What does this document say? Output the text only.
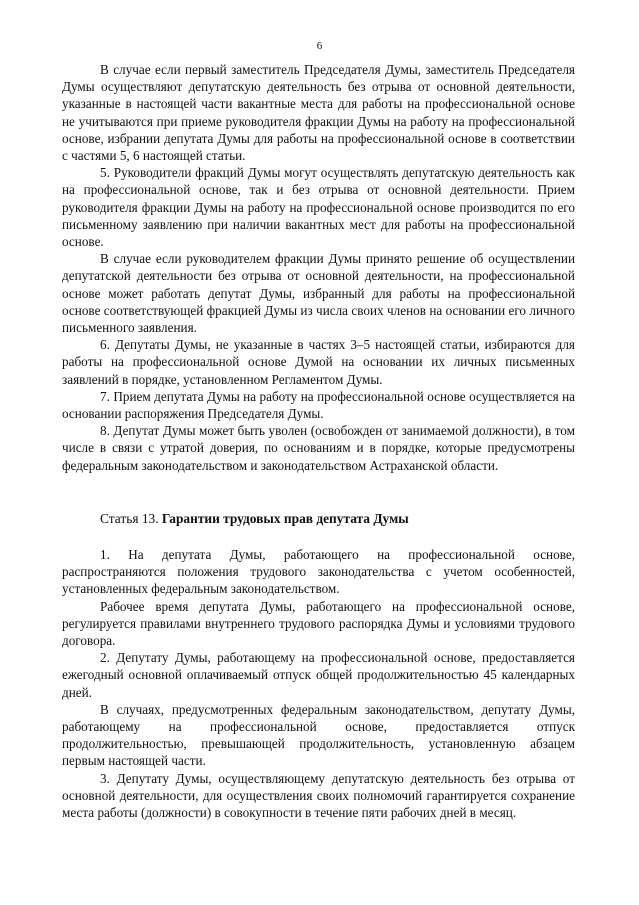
6

В случае если первый заместитель Председателя Думы, заместитель Председателя Думы осуществляют депутатскую деятельность без отрыва от основной деятельности, указанные в настоящей части вакантные места для работы на профессиональной основе не учитываются при приеме руководителя фракции Думы на работу на профессиональной основе, избрании депутата Думы для работы на профессиональной основе в соответствии с частями 5, 6 настоящей статьи.

5. Руководители фракций Думы могут осуществлять депутатскую деятельность как на профессиональной основе, так и без отрыва от основной деятельности. Прием руководителя фракции Думы на работу на профессиональной основе производится по его письменному заявлению при наличии вакантных мест для работы на профессиональной основе.

В случае если руководителем фракции Думы принято решение об осуществлении депутатской деятельности без отрыва от основной деятельности, на профессиональной основе может работать депутат Думы, избранный для работы на профессиональной основе соответствующей фракцией Думы из числа своих членов на основании его личного письменного заявления.

6. Депутаты Думы, не указанные в частях 3–5 настоящей статьи, избираются для работы на профессиональной основе Думой на основании их личных письменных заявлений в порядке, установленном Регламентом Думы.

7. Прием депутата Думы на работу на профессиональной основе осуществляется на основании распоряжения Председателя Думы.

8. Депутат Думы может быть уволен (освобожден от занимаемой должности), в том числе в связи с утратой доверия, по основаниям и в порядке, которые предусмотрены федеральным законодательством и законодательством Астраханской области.

Статья 13. Гарантии трудовых прав депутата Думы

1. На депутата Думы, работающего на профессиональной основе, распространяются положения трудового законодательства с учетом особенностей, установленных федеральным законодательством.

Рабочее время депутата Думы, работающего на профессиональной основе, регулируется правилами внутреннего трудового распорядка Думы и условиями трудового договора.

2. Депутату Думы, работающему на профессиональной основе, предоставляется ежегодный основной оплачиваемый отпуск общей продолжительностью 45 календарных дней.

В случаях, предусмотренных федеральным законодательством, депутату Думы, работающему на профессиональной основе, предоставляется отпуск продолжительностью, превышающей продолжительность, установленную абзацем первым настоящей части.

3. Депутату Думы, осуществляющему депутатскую деятельность без отрыва от основной деятельности, для осуществления своих полномочий гарантируется сохранение места работы (должности) в совокупности в течение пяти рабочих дней в месяц.
